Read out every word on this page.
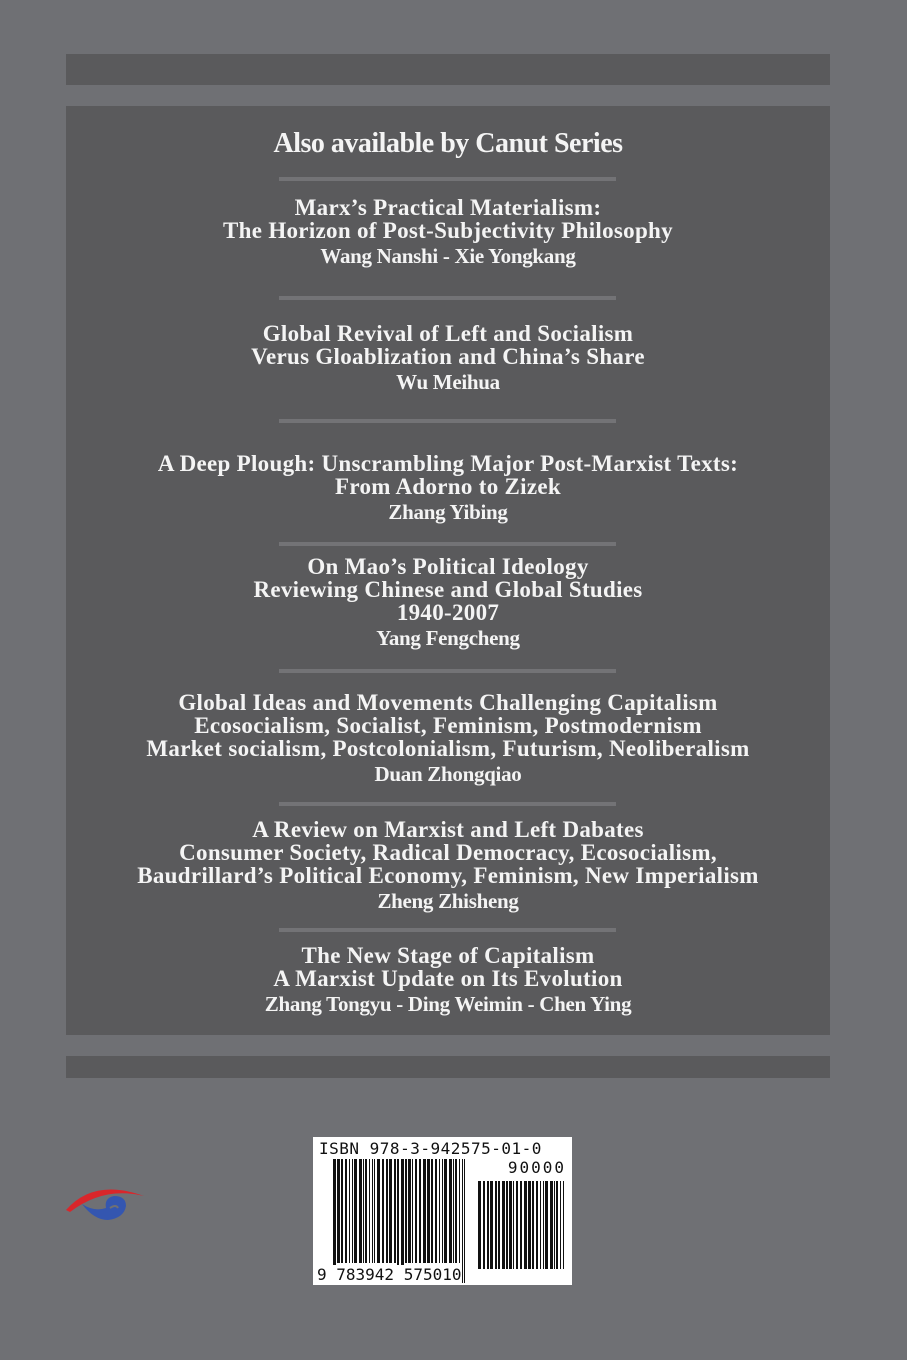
Also available by Canut Series
Marx’s Practical Materialism:
The Horizon of Post-Subjectivity Philosophy
Wang Nanshi - Xie Yongkang
Global Revival of Left and Socialism
Verus Gloablization and China’s Share
Wu Meihua
A Deep Plough: Unscrambling Major Post-Marxist Texts:
From Adorno to Zizek
Zhang Yibing
On Mao’s Political Ideology
Reviewing Chinese and Global Studies
1940-2007
Yang Fengcheng
Global Ideas and Movements Challenging Capitalism
Ecosocialism, Socialist, Feminism, Postmodernism
Market socialism, Postcolonialism, Futurism, Neoliberalism
Duan Zhongqiao
A Review on Marxist and Left Dabates
Consumer Society, Radical Democracy, Ecosocialism,
Baudrillard’s Political Economy, Feminism, New Imperialism
Zheng Zhisheng
The New Stage of Capitalism
A Marxist Update on Its Evolution
Zhang Tongyu - Ding Weimin - Chen Ying
ISBN 978-3-942575-01-0
90000
9 783942 575010
